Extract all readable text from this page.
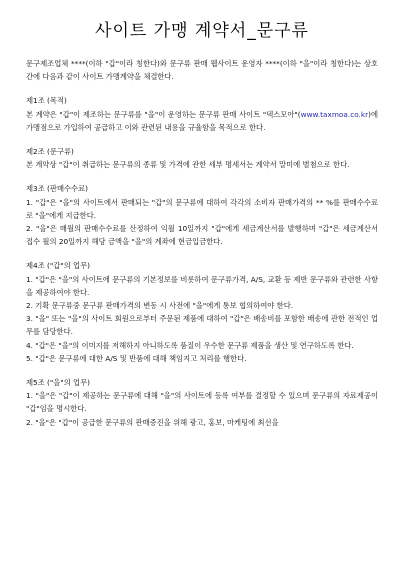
사이트 가맹 계약서_문구류

문구제조업체 ****(이하 "갑"이라 칭한다)와 문구류 판매 웹사이트 운영자 ****(이하 "을"이라 칭한다)는 상호간에 다음과 같이 사이트 가맹계약을 체결한다.

제1조 (목적)

본 계약은 "갑"이 제조하는 문구류를 "을"이 운영하는 문구류 판매 사이트 "덱스모아"(www.taxmoa.co.kr)에 가맹점으로 가입하여 공급하고 이와 관련된 내용을 규율함을 목적으로 한다.

제2조 (문구류)

본 계약상 "갑"이 취급하는 문구류의 종류 및 가격에 관한 세부 명세서는 계약서 말미에 별첨으로 한다.

제3조 (판매수수료)

1. "갑"은 "을"의 사이트에서 판매되는 "갑"의 문구류에 대하여 각각의 소비자 판매가격의 ** %를 판매수수료로 "을"에게 지급한다.

2. "을"은 매월의 판매수수료를 산정하여 익월 10일까지 "갑"에게 세금계산서를 발행하며 "갑"은 세금계산서 접수 월의 20일까지 해당 금액을 "을"의 계좌에 현금입금한다.

제4조 ("갑"의 업무)

1. "갑"은 "을"의 사이트에 문구류의 기본정보를 비롯하여 문구류가격, A/S, 교환 등 제반 문구류와 관련한 사항을 제공하여야 한다.

2. 기확 문구류중 문구류 판매가격의 변동 시 사전에 "을"에게 통보 협의하여야 한다.

3. "을" 또는 "을"의 사이트 회원으로부터 주문된 제품에 대하여 "갑"은 배송비를 포함한 배송에 관한 전적인 업무를 담당한다.

4. "갑"은 "을"의 이미지를 저해하지 아니하도록 품질이 우수한 문구류 제품을 생산 및 연구하도록 한다.

5. "갑"은 문구류에 대한 A/S 및 반품에 대해 책임지고 처리를 행한다.

제5조 ("을"의 업무)

1. "을"은 "갑"이 제공하는 문구류에 대해 "을"의 사이트에 등록 여부를 결정할 수 있으며 문구류의 자료제공이 "갑"임을 명시한다.

2. "을"은 "갑"이 공급한 문구류의 판매증진을 위해 광고, 홍보, 마케팅에 최선을
